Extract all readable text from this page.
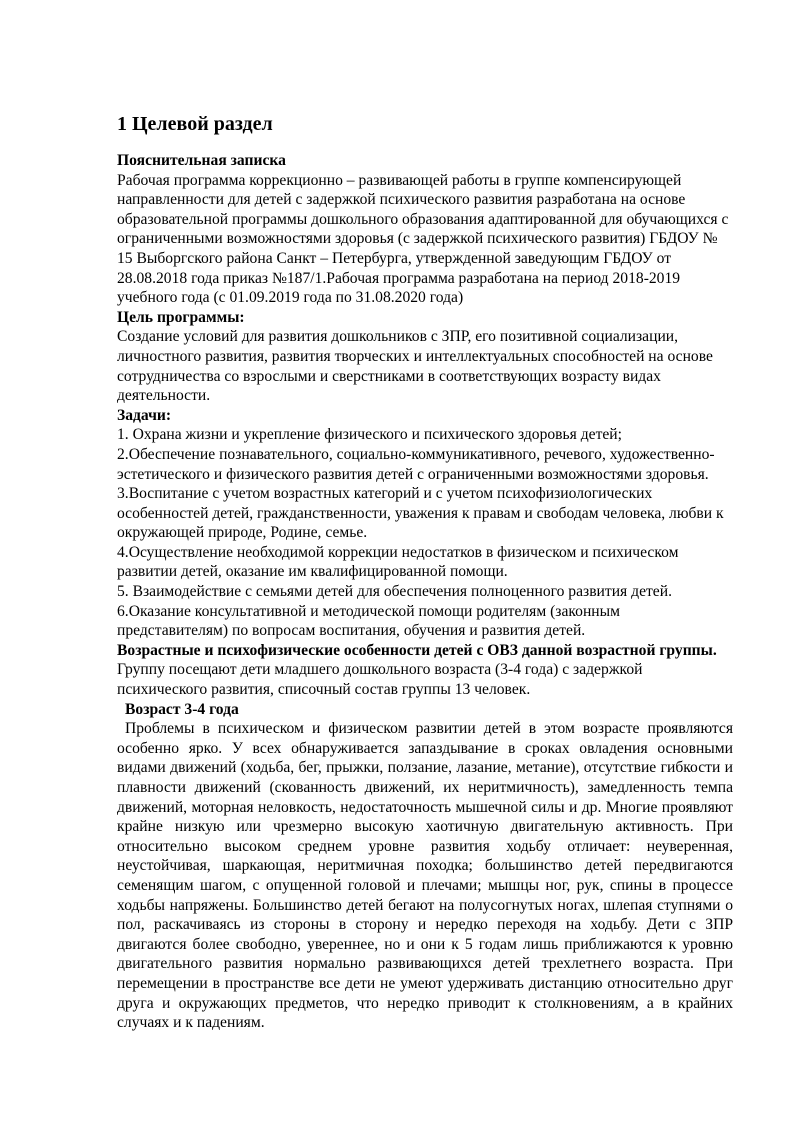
1 Целевой раздел

Пояснительная записка

Рабочая программа коррекционно – развивающей работы в группе компенсирующей направленности для детей с задержкой психического развития разработана на основе образовательной программы дошкольного образования адаптированной для обучающихся с ограниченными возможностями здоровья (с задержкой психического развития) ГБДОУ № 15 Выборгского района Санкт – Петербурга, утвержденной заведующим ГБДОУ от 28.08.2018 года приказ №187/1.Рабочая программа разработана на период 2018-2019 учебного года (с 01.09.2019 года по 31.08.2020 года)

Цель программы:

Создание условий для развития дошкольников с ЗПР, его позитивной социализации, личностного развития, развития творческих и интеллектуальных способностей на основе сотрудничества со взрослыми и сверстниками в соответствующих возрасту видах деятельности.

Задачи:

1. Охрана жизни и укрепление физического и психического здоровья детей;

2.Обеспечение познавательного, социально-коммуникативного, речевого, художественно-эстетического и физического развития детей с ограниченными возможностями здоровья.

3.Воспитание с учетом возрастных категорий и с учетом психофизиологических особенностей детей, гражданственности, уважения к правам и свободам человека, любви к окружающей природе, Родине, семье.

4.Осуществление необходимой коррекции недостатков в физическом и психическом развитии детей, оказание им квалифицированной помощи.

5. Взаимодействие с семьями детей для обеспечения полноценного развития детей.

6.Оказание консультативной и методической помощи родителям (законным представителям) по вопросам воспитания, обучения и развития детей.

Возрастные и психофизические особенности детей с ОВЗ данной возрастной группы. Группу посещают дети младшего дошкольного возраста (3-4 года) с задержкой психического развития, списочный состав группы 13 человек.

Возраст 3-4 года

Проблемы в психическом и физическом развитии детей в этом возрасте проявляются особенно ярко. У всех обнаруживается запаздывание в сроках овладения основными видами движений (ходьба, бег, прыжки, ползание, лазание, метание), отсутствие гибкости и плавности движений (скованность движений, их неритмичность), замедленность темпа движений, моторная неловкость, недостаточность мышечной силы и др. Многие проявляют крайне низкую или чрезмерно высокую хаотичную двигательную активность. При относительно высоком среднем уровне развития ходьбу отличает: неуверенная, неустойчивая, шаркающая, неритмичная походка; большинство детей передвигаются семенящим шагом, с опущенной головой и плечами; мышцы ног, рук, спины в процессе ходьбы напряжены. Большинство детей бегают на полусогнутых ногах, шлепая ступнями о пол, раскачиваясь из стороны в сторону и нередко переходя на ходьбу. Дети с ЗПР двигаются более свободно, увереннее, но и они к 5 годам лишь приближаются к уровню двигательного развития нормально развивающихся детей трехлетнего возраста. При перемещении в пространстве все дети не умеют удерживать дистанцию относительно друг друга и окружающих предметов, что нередко приводит к столкновениям, а в крайних случаях и к падениям.
